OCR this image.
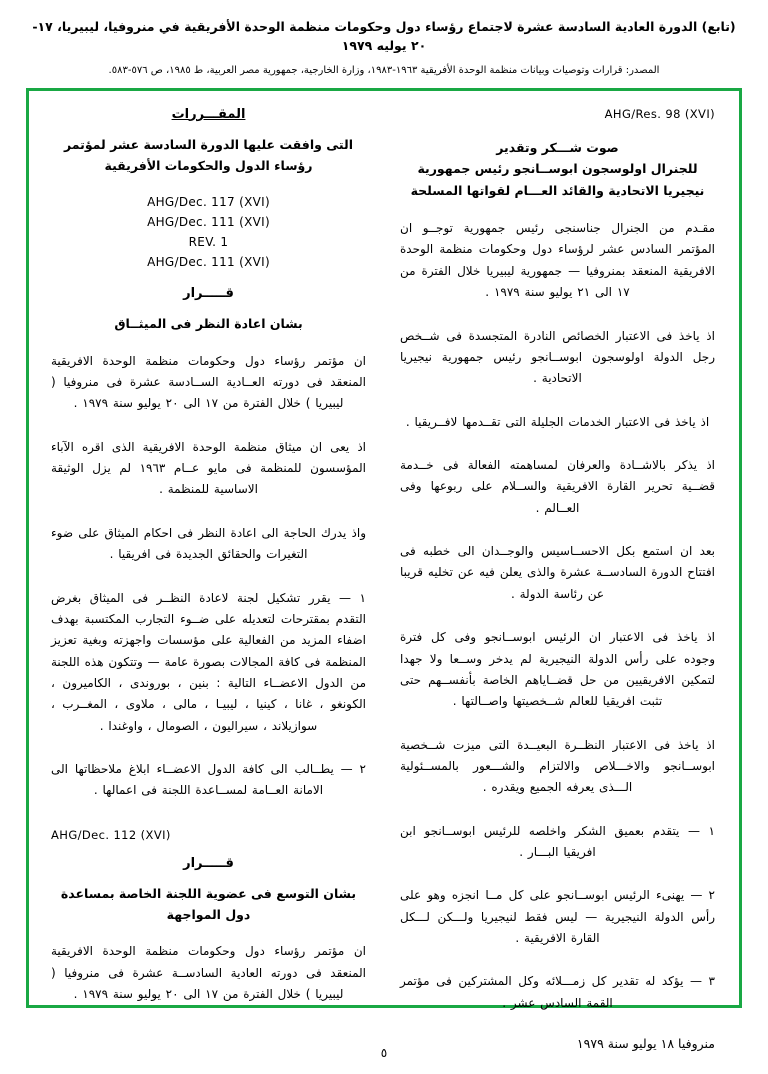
(تابع) الدورة العادية السادسة عشرة لاجتماع رؤساء دول وحكومات منظمة الوحدة الأفريقية في منروفيا، ليبيريا، ١٧- ٢٠ يوليه ١٩٧٩
المصدر: ‏قرارات وتوصيات وبيانات منظمة الوحدة الأفريقية ١٩٦٣-١٩٨٣، وزارة الخارجية، جمهورية مصر العربية، ط ١٩٨٥، ص ٥٧٦-٥٨٣.
AHG/Res. 98 (XVI)
صوت شـــكر وتقدير
للجنرال اولوسجون ابوســانجو رئيس جمهورية نيجيريا الاتحادية والقائد العـــام لقواتها المسلحة

مقـدم من الجنرال جناسنجى رئيس جمهورية توجــو ان المؤتمر السادس عشر لرؤساء دول وحكومات منظمة الوحدة الافريقية المنعقد بمنروفيا — جمهورية ليبيريا خلال الفترة من ١٧ الى ٢١ يوليو سنة ١٩٧٩ .

اذ ياخذ فى الاعتبار الخصائص النادرة المتجسدة فى شــخص رجل الدولة اولوسجون ابوســانجو رئيس جمهورية نيجيريا الاتحادية .

اذ ياخذ فى الاعتبار الخدمات الجليلة التى تقــدمها لافــريقيا .

اذ يذكر بالاشــادة والعرفان لمساهمته الفعالة فى خــدمة قضــية تحرير القارة الافريقية والســلام على ربوعها وفى العــالم .

بعد ان استمع بكل الاحســاسيس والوجــدان الى خطبه فى افتتاح الدورة السادســة عشرة والذى يعلن فيه عن تخليه قريبا عن رئاسة الدولة .

اذ ياخذ فى الاعتبار ان الرئيس ابوســانجو وفى كل فترة وجوده على رأس الدولة النيجيرية لم يدخر وســعا ولا جهدا لتمكين الافريقيين من حل قضــاياهم الخاصة بأنفســهم حتى تثبت افريقيا للعالم شــخصيتها واصــالتها .

اذ ياخذ فى الاعتبار النظــرة البعيــدة التى ميزت شــخصية ابوســانجو والاخـــلاص والالتزام والشـــعور بالمســئولية الـــذى يعرفه الجميع ويقدره .

١ — يتقدم بعميق الشكر واخلصه للرئيس ابوســانجو ابن افريقيا البـــار .

٢ — يهنىء الرئيس ابوســانجو على كل مــا انجزه وهو على رأس الدولة النيجيرية — ليس فقط لنيجيريا ولـــكن لـــكل القارة الافريقية .

٣ — يؤكد له تقدير كل زمـــلائه وكل المشتركين فى مؤتمر القمة السادس عشر .

منروفيا ١٨ يوليو سنة ١٩٧٩
المقـــررات
التى وافقت عليها الدورة السادسة عشر لمؤتمر رؤساء الدول والحكومات الأفريقية
AHG/Dec. 117 (XVI)
AHG/Dec. 111 (XVI)
REV. 1
AHG/Dec. 111 (XVI)
قـــــرار
بشان اعادة النظر فى الميثــاق

ان مؤتمر رؤساء دول وحكومات منظمة الوحدة الافريقية المنعقد فى دورته العــادية الســادسة عشرة فى منروفيا ( ليبيريا ) خلال الفترة من ١٧ الى ٢٠ يوليو سنة ١٩٧٩ .

اذ يعى ان ميثاق منظمة الوحدة الافريقية الذى اقره الآباء المؤسسون للمنظمة فى مايو عــام ١٩٦٣ لم يزل الوثيقة الاساسية للمنظمة .

واذ يدرك الحاجة الى اعادة النظر فى احكام الميثاق على ضوء التغيرات والحقائق الجديدة فى افريقيا .

١ — يقرر تشكيل لجنة لاعادة النظــر فى الميثاق بغرض التقدم بمقترحات لتعديله على ضــوء التجارب المكتسبة بهدف اضفاء المزيد من الفعالية على مؤسسات واجهزته وبغية تعزيز المنظمة فى كافة المجالات بصورة عامة — وتتكون هذه اللجنة من الدول الاعضــاء التالية : بنين ، بوروندى ، الكاميرون ، الكونغو ، غانا ، كينيا ، ليبيـا ، مالى ، ملاوى ، المغــرب ، سوازيلاند ، سيراليون ، الصومال ، واوغندا .

٢ — يطــالب الى كافة الدول الاعضــاء ابلاغ ملاحظاتها الى الامانة العــامة لمســاعدة اللجنة فى اعمالها .

AHG/Dec. 112 (XVI)
قـــــرار
بشان التوسع فى عضوية اللجنة الخاصة بمساعدة دول المواجهة

ان مؤتمر رؤساء دول وحكومات منظمة الوحدة الافريقية المنعقد فى دورته العادية السادســة عشرة فى منروفيا ( ليبيريا ) خلال الفترة من ١٧ الى ٢٠ يوليو سنة ١٩٧٩ .

٥
